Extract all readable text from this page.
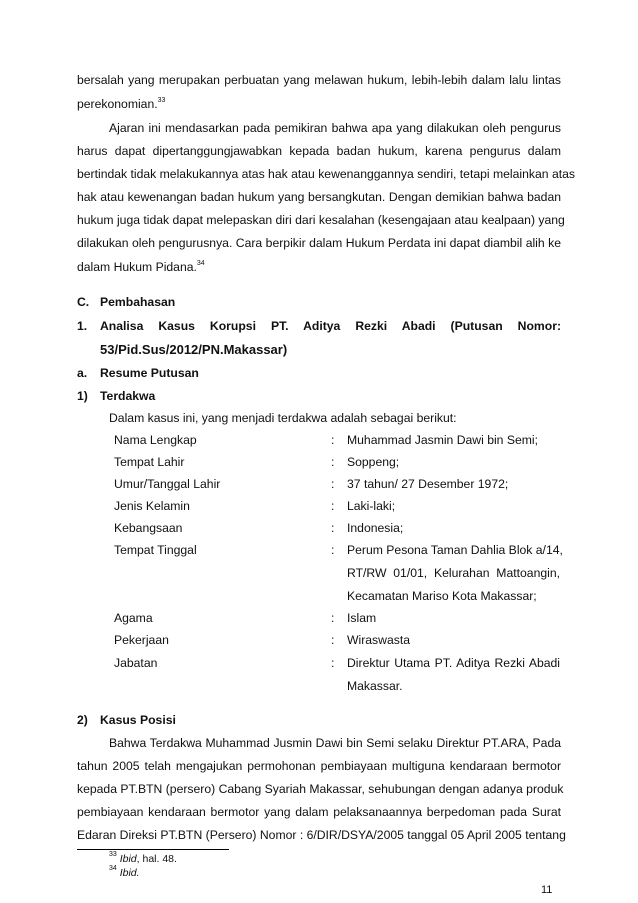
bersalah yang merupakan perbuatan yang melawan hukum, lebih-lebih dalam lalu lintas
perekonomian.$^{33}$
Ajaran ini mendasarkan pada pemikiran bahwa apa yang dilakukan oleh pengurus
harus dapat dipertanggungjawabkan kepada badan hukum, karena pengurus dalam
bertindak tidak melakukannya atas hak atau kewenanggannya sendiri, tetapi melainkan atas
hak atau kewenangan badan hukum yang bersangkutan. Dengan demikian bahwa badan
hukum juga tidak dapat melepaskan diri dari kesalahan (kesengajaan atau kealpaan) yang
dilakukan oleh pengurusnya. Cara berpikir dalam Hukum Perdata ini dapat diambil alih ke
dalam Hukum Pidana.$^{34}$
C. Pembahasan
1. Analisa Kasus Korupsi PT. Aditya Rezki Abadi (Putusan Nomor:
53/Pid.Sus/2012/PN.Makassar)
a. Resume Putusan
1) Terdakwa
Dalam kasus ini, yang menjadi terdakwa adalah sebagai berikut:
Nama Lengkap	: Muhammad Jasmin Dawi bin Semi;
Tempat Lahir	: Soppeng;
Umur/Tanggal Lahir	: 37 tahun/ 27 Desember 1972;
Jenis Kelamin	: Laki-laki;
Kebangsaan	: Indonesia;
Tempat Tinggal	: Perum Pesona Taman Dahlia Blok a/14,
RT/RW 01/01, Kelurahan Mattoangin,
Kecamatan Mariso Kota Makassar;
Agama	: Islam
Pekerjaan	: Wiraswasta
Jabatan	: Direktur Utama PT. Aditya Rezki Abadi
Makassar.
2) Kasus Posisi
Bahwa Terdakwa Muhammad Jusmin Dawi bin Semi selaku Direktur PT.ARA, Pada
tahun 2005 telah mengajukan permohonan pembiayaan multiguna kendaraan bermotor
kepada PT.BTN (persero) Cabang Syariah Makassar, sehubungan dengan adanya produk
pembiayaan kendaraan bermotor yang dalam pelaksanaannya berpedoman pada Surat
Edaran Direksi PT.BTN (Persero) Nomor : 6/DIR/DSYA/2005 tanggal 05 April 2005 tentang
$^{33}$ Ibid, hal. 48.
$^{34}$ Ibid.
11
